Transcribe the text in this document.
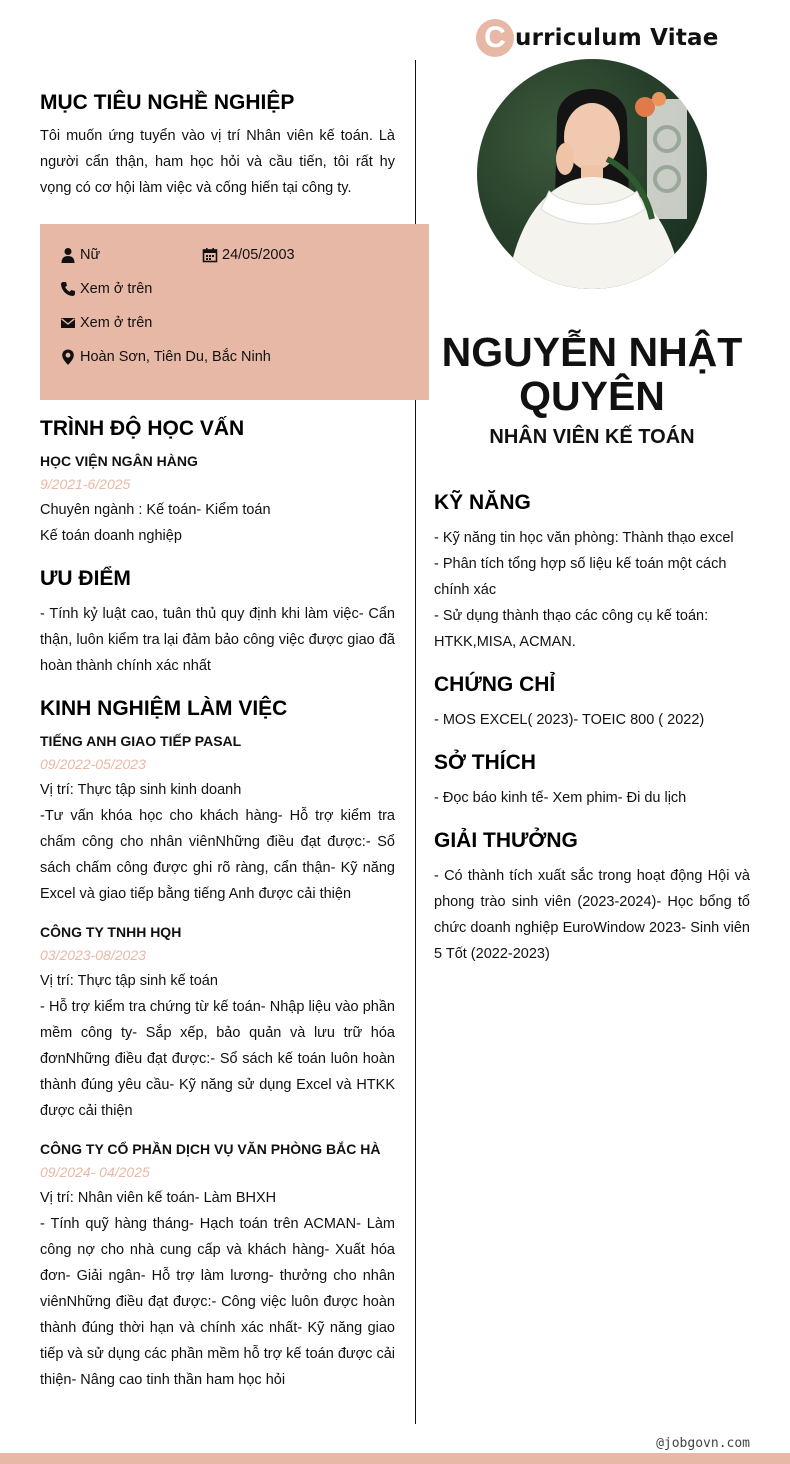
C urriculum Vitae
MỤC TIÊU NGHỀ NGHIỆP

Tôi muốn ứng tuyển vào vị trí Nhân viên kế toán. Là người cẩn thận, ham học hỏi và cầu tiến, tôi rất hy vọng có cơ hội làm việc và cống hiến tại công ty.

Nữ	24/05/2003
Xem ở trên
Xem ở trên
Hoàn Sơn, Tiên Du, Bắc Ninh
TRÌNH ĐỘ HỌC VẤN

HỌC VIỆN NGÂN HÀNG

9/2021-6/2025

Chuyên ngành : Kế toán- Kiểm toán

Kế toán doanh nghiệp

ƯU ĐIỂM

- Tính kỷ luật cao, tuân thủ quy định khi làm việc- Cẩn thận, luôn kiểm tra lại đảm bảo công việc được giao đã hoàn thành chính xác nhất

KINH NGHIỆM LÀM VIỆC

TIẾNG ANH GIAO TIẾP PASAL

09/2022-05/2023

Vị trí: Thực tập sinh kinh doanh

-Tư vấn khóa học cho khách hàng- Hỗ trợ kiểm tra chấm công cho nhân viênNhững điều đạt được:- Sổ sách chấm công được ghi rõ ràng, cẩn thận- Kỹ năng Excel và giao tiếp bằng tiếng Anh được cải thiện

CÔNG TY TNHH HQH

03/2023-08/2023

Vị trí: Thực tập sinh kế toán

- Hỗ trợ kiểm tra chứng từ kế toán- Nhập liệu vào phần mềm công ty- Sắp xếp, bảo quản và lưu trữ hóa đơnNhững điều đạt được:- Sổ sách kế toán luôn hoàn thành đúng yêu cầu- Kỹ năng sử dụng Excel và HTKK được cải thiện

CÔNG TY CỔ PHẦN DỊCH VỤ VĂN PHÒNG BẮC HÀ

09/2024- 04/2025

Vị trí: Nhân viên kế toán- Làm BHXH

- Tính quỹ hàng tháng- Hạch toán trên ACMAN- Làm công nợ cho nhà cung cấp và khách hàng- Xuất hóa đơn- Giải ngân- Hỗ trợ làm lương- thưởng cho nhân viênNhững điều đạt được:- Công việc luôn được hoàn thành đúng thời hạn và chính xác nhất- Kỹ năng giao tiếp và sử dụng các phần mềm hỗ trợ kế toán được cải thiện- Nâng cao tinh thần ham học hỏi

NGUYỄN NHẬT QUYÊN
NHÂN VIÊN KẾ TOÁN
KỸ NĂNG

- Kỹ năng tin học văn phòng: Thành thạo excel

- Phân tích tổng hợp số liệu kế toán một cách chính xác

- Sử dụng thành thạo các công cụ kế toán: HTKK,MISA, ACMAN.

CHỨNG CHỈ

- MOS EXCEL( 2023)- TOEIC 800 ( 2022)

SỞ THÍCH

- Đọc báo kinh tế- Xem phim- Đi du lịch

GIẢI THƯỞNG

- Có thành tích xuất sắc trong hoạt động Hội và phong trào sinh viên (2023-2024)- Học bổng tổ chức doanh nghiệp EuroWindow 2023- Sinh viên 5 Tốt (2022-2023)

@jobgovn.com
